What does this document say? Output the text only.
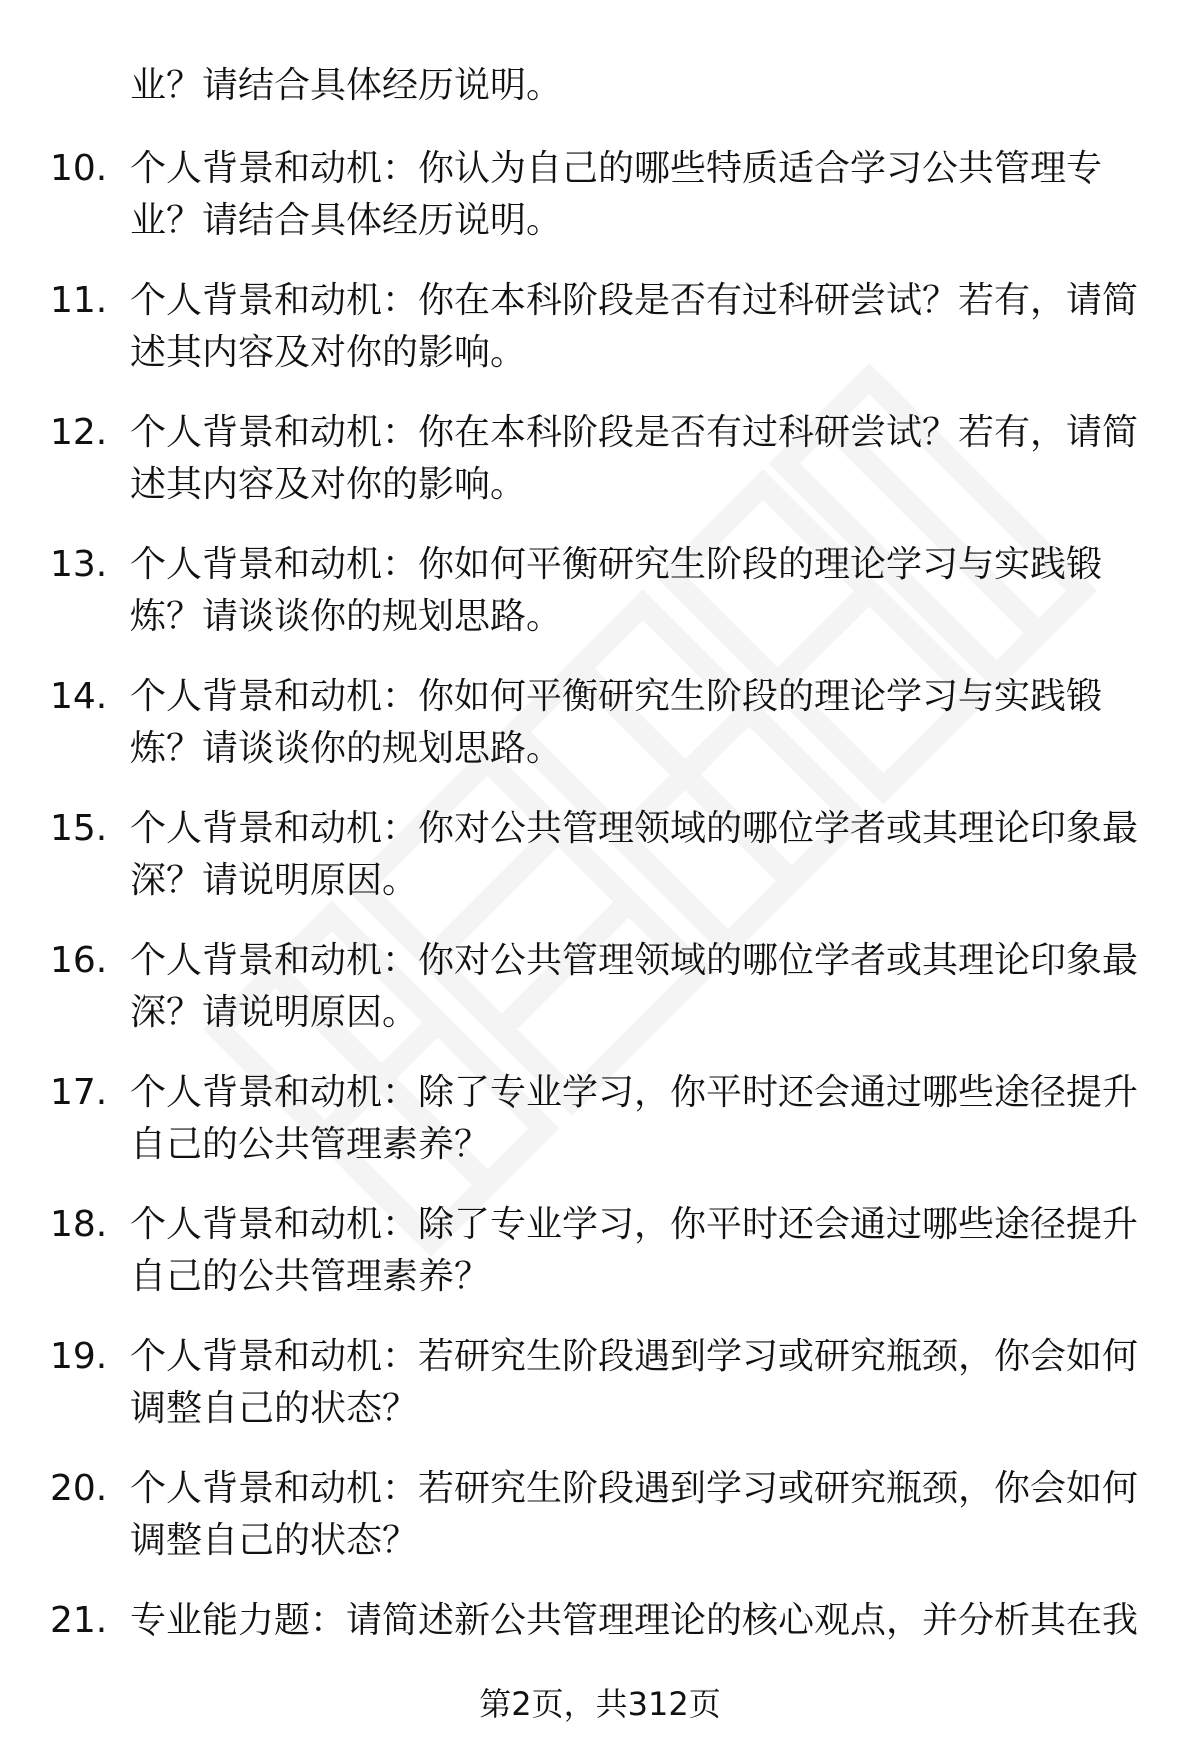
业？请结合具体经历说明。
10. 个人背景和动机：你认为自己的哪些特质适合学习公共管理专
业？请结合具体经历说明。
11. 个人背景和动机：你在本科阶段是否有过科研尝试？若有，请简
述其内容及对你的影响。
12. 个人背景和动机：你在本科阶段是否有过科研尝试？若有，请简
述其内容及对你的影响。
13. 个人背景和动机：你如何平衡研究生阶段的理论学习与实践锻
炼？请谈谈你的规划思路。
14. 个人背景和动机：你如何平衡研究生阶段的理论学习与实践锻
炼？请谈谈你的规划思路。
15. 个人背景和动机：你对公共管理领域的哪位学者或其理论印象最
深？请说明原因。
16. 个人背景和动机：你对公共管理领域的哪位学者或其理论印象最
深？请说明原因。
17. 个人背景和动机：除了专业学习，你平时还会通过哪些途径提升
自己的公共管理素养？
18. 个人背景和动机：除了专业学习，你平时还会通过哪些途径提升
自己的公共管理素养？
19. 个人背景和动机：若研究生阶段遇到学习或研究瓶颈，你会如何
调整自己的状态？
20. 个人背景和动机：若研究生阶段遇到学习或研究瓶颈，你会如何
调整自己的状态？
21. 专业能力题：请简述新公共管理理论的核心观点，并分析其在我
第2页，共312页
